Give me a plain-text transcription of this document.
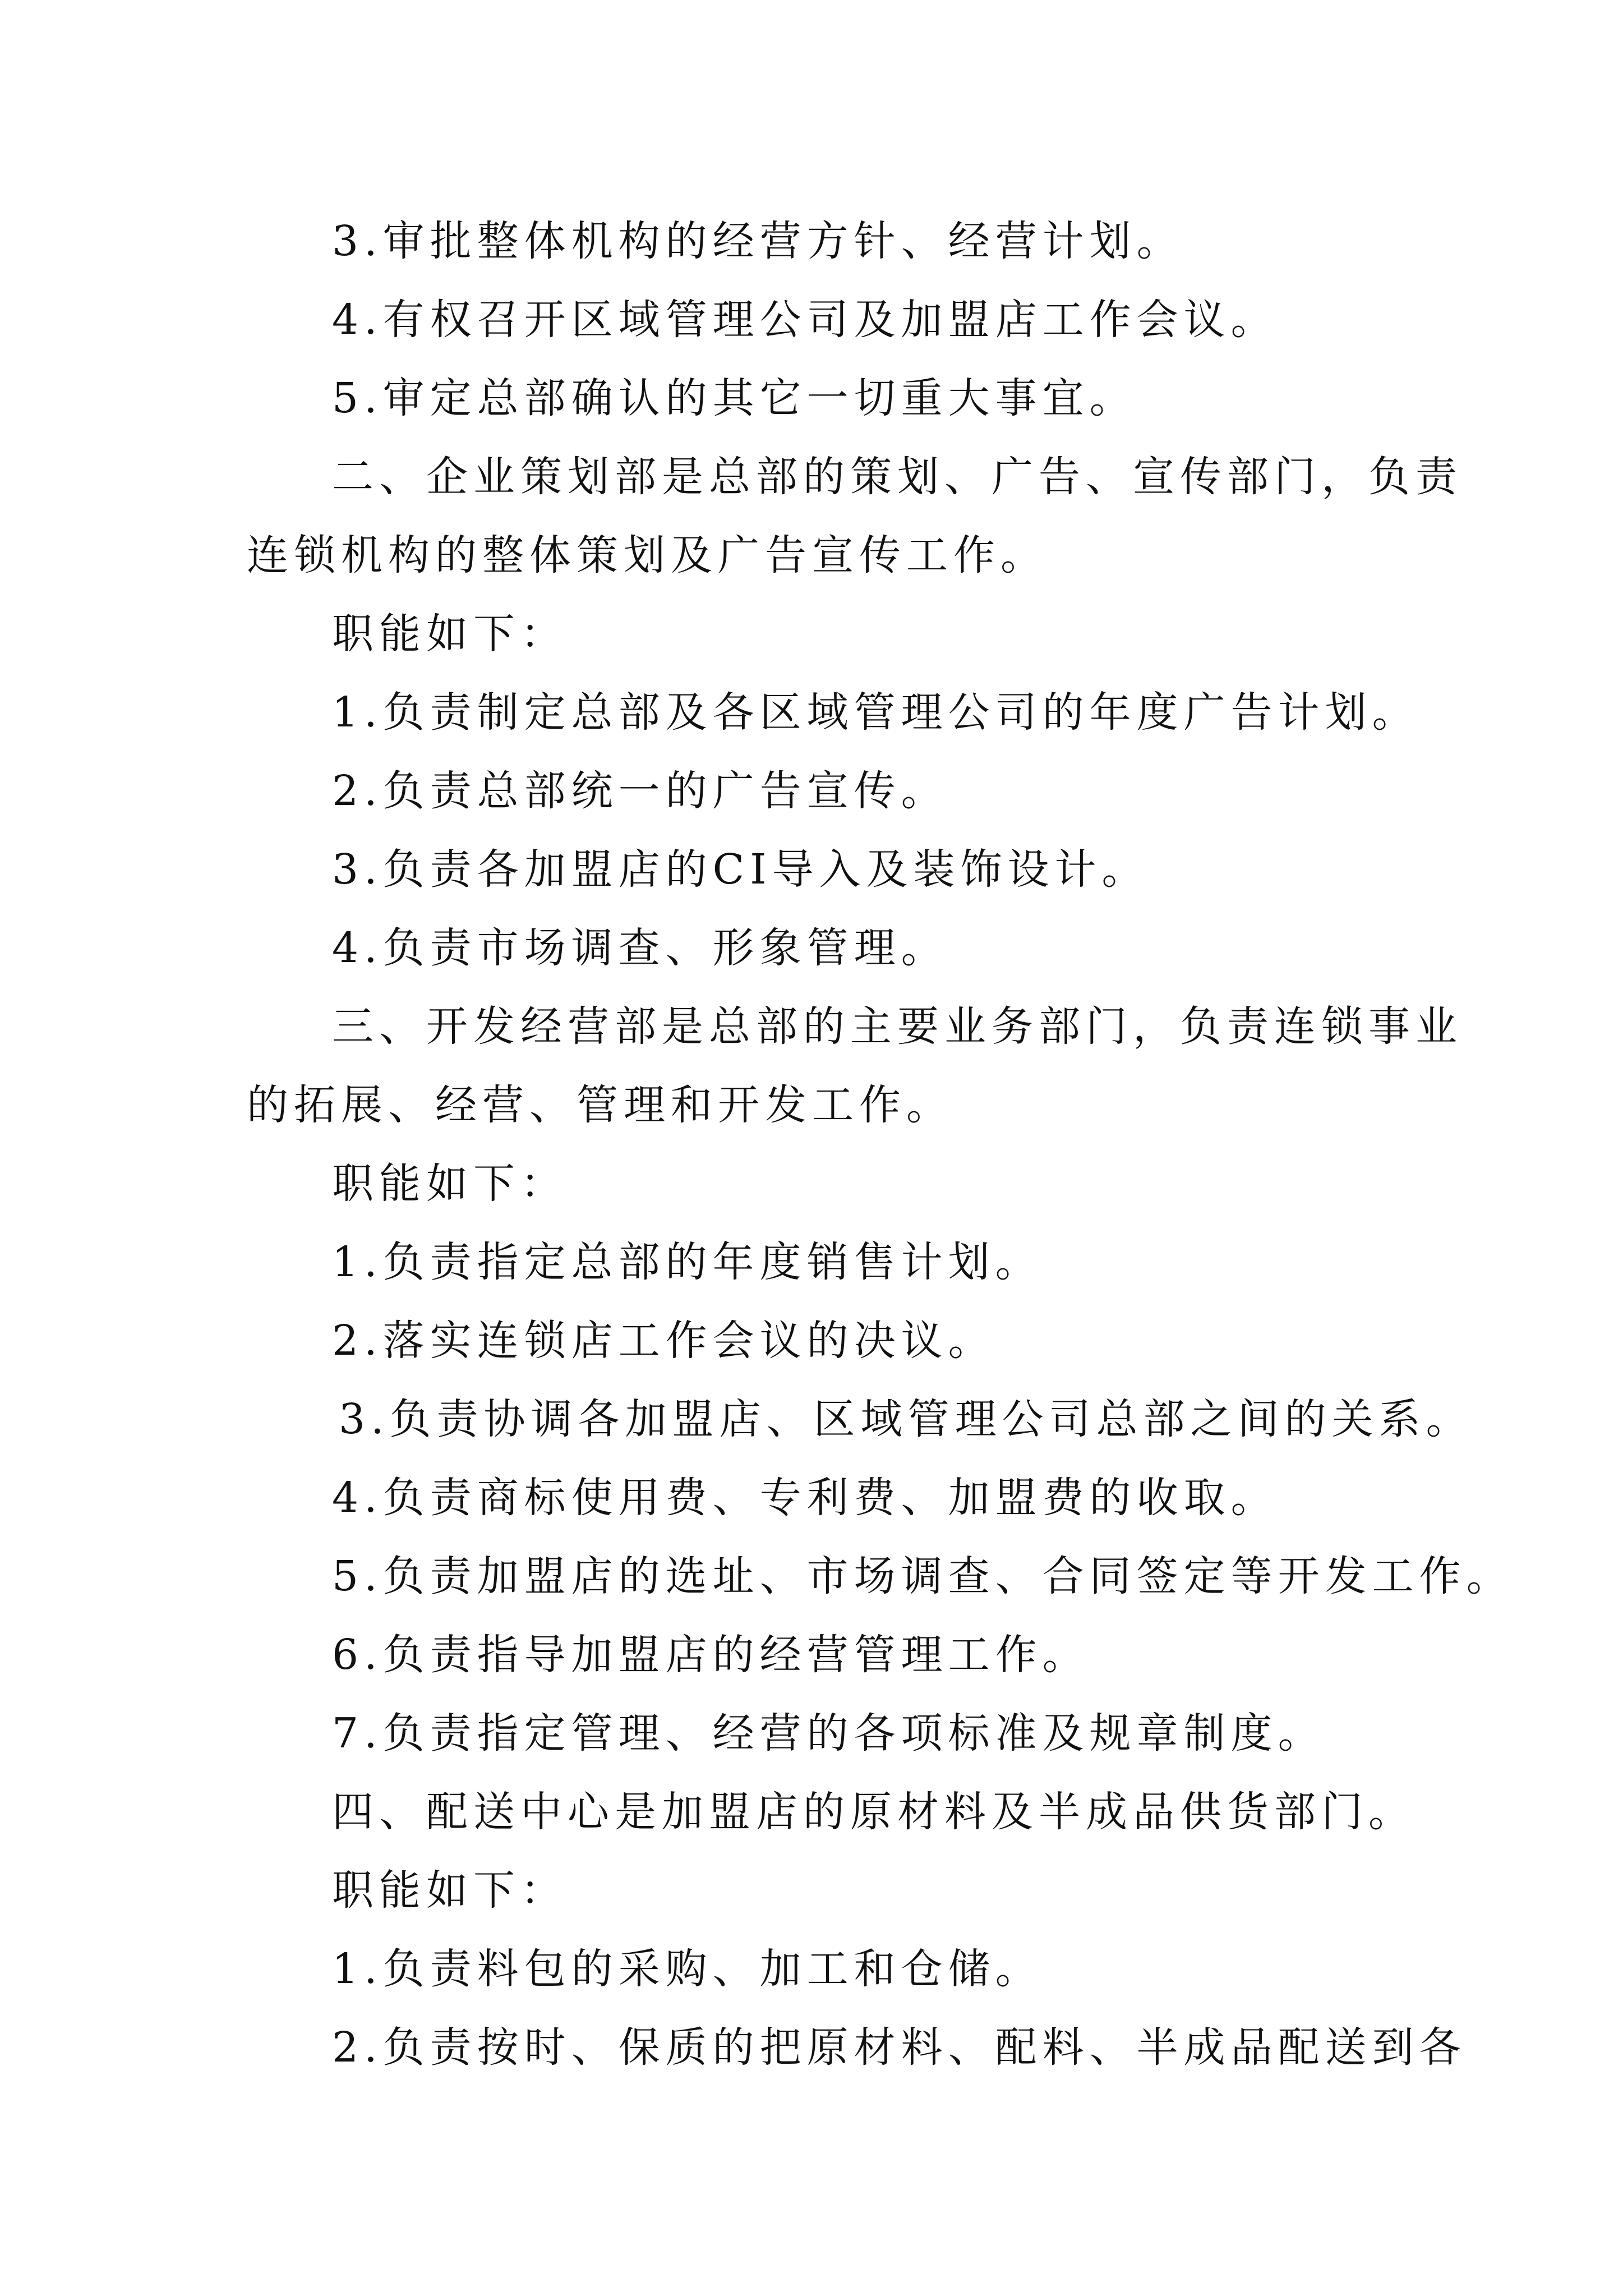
3.审批整体机构的经营方针、经营计划。
4.有权召开区域管理公司及加盟店工作会议。
5.审定总部确认的其它一切重大事宜。
二、企业策划部是总部的策划、广告、宣传部门，负责
连锁机构的整体策划及广告宣传工作。
职能如下：
1.负责制定总部及各区域管理公司的年度广告计划。
2.负责总部统一的广告宣传。
3.负责各加盟店的CI导入及装饰设计。
4.负责市场调查、形象管理。
三、开发经营部是总部的主要业务部门，负责连锁事业
的拓展、经营、管理和开发工作。
职能如下：
1.负责指定总部的年度销售计划。
2.落实连锁店工作会议的决议。
3.负责协调各加盟店、区域管理公司总部之间的关系。
4.负责商标使用费、专利费、加盟费的收取。
5.负责加盟店的选址、市场调查、合同签定等开发工作。
6.负责指导加盟店的经营管理工作。
7.负责指定管理、经营的各项标准及规章制度。
四、配送中心是加盟店的原材料及半成品供货部门。
职能如下：
1.负责料包的采购、加工和仓储。
2.负责按时、保质的把原材料、配料、半成品配送到各
